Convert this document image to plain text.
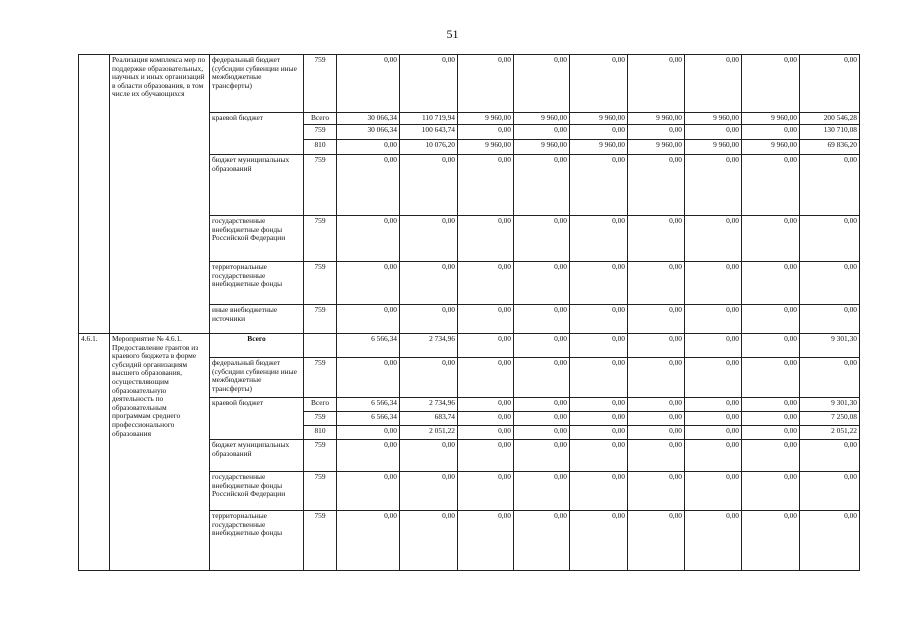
51
	Реализация комплекса мер по поддержке образовательных, научных и иных организаций в области образования, в том числе их обучающихся	федеральный бюджет (субсидии субвенции иные межбюджетные трансферты)	759	0,00	0,00	0,00	0,00	0,00	0,00	0,00	0,00	0,00
		краевой бюджет	Всего	30 066,34	110 719,94	9 960,00	9 960,00	9 960,00	9 960,00	9 960,00	9 960,00	200 546,28
			759	30 066,34	100 643,74	0,00	0,00	0,00	0,00	0,00	0,00	130 710,08
			810	0,00	10 076,20	9 960,00	9 960,00	9 960,00	9 960,00	9 960,00	9 960,00	69 836,20
		бюджет муниципальных образований	759	0,00	0,00	0,00	0,00	0,00	0,00	0,00	0,00	0,00
		государственные внебюджетные фонды Российской Федерации	759	0,00	0,00	0,00	0,00	0,00	0,00	0,00	0,00	0,00
		территориальные государственные внебюджетные фонды	759	0,00	0,00	0,00	0,00	0,00	0,00	0,00	0,00	0,00
		иные внебюджетные источники	759	0,00	0,00	0,00	0,00	0,00	0,00	0,00	0,00	0,00
4.6.1.	Мероприятие № 4.6.1. Предоставление грантов из краевого бюджета в форме субсидий организациям высшего образования, осуществляющим образовательную деятельность по образовательным программам среднего профессионального образования	Всего		6 566,34	2 734,96	0,00	0,00	0,00	0,00	0,00	0,00	9 301,30
		федеральный бюджет (субсидии субвенции иные межбюджетные трансферты)	759	0,00	0,00	0,00	0,00	0,00	0,00	0,00	0,00	0,00
		краевой бюджет	Всего	6 566,34	2 734,96	0,00	0,00	0,00	0,00	0,00	0,00	9 301,30
			759	6 566,34	683,74	0,00	0,00	0,00	0,00	0,00	0,00	7 250,08
			810	0,00	2 051,22	0,00	0,00	0,00	0,00	0,00	0,00	2 051,22
		бюджет муниципальных образований	759	0,00	0,00	0,00	0,00	0,00	0,00	0,00	0,00	0,00
		государственные внебюджетные фонды Российской Федерации	759	0,00	0,00	0,00	0,00	0,00	0,00	0,00	0,00	0,00
		территориальные государственные внебюджетные фонды	759	0,00	0,00	0,00	0,00	0,00	0,00	0,00	0,00	0,00
